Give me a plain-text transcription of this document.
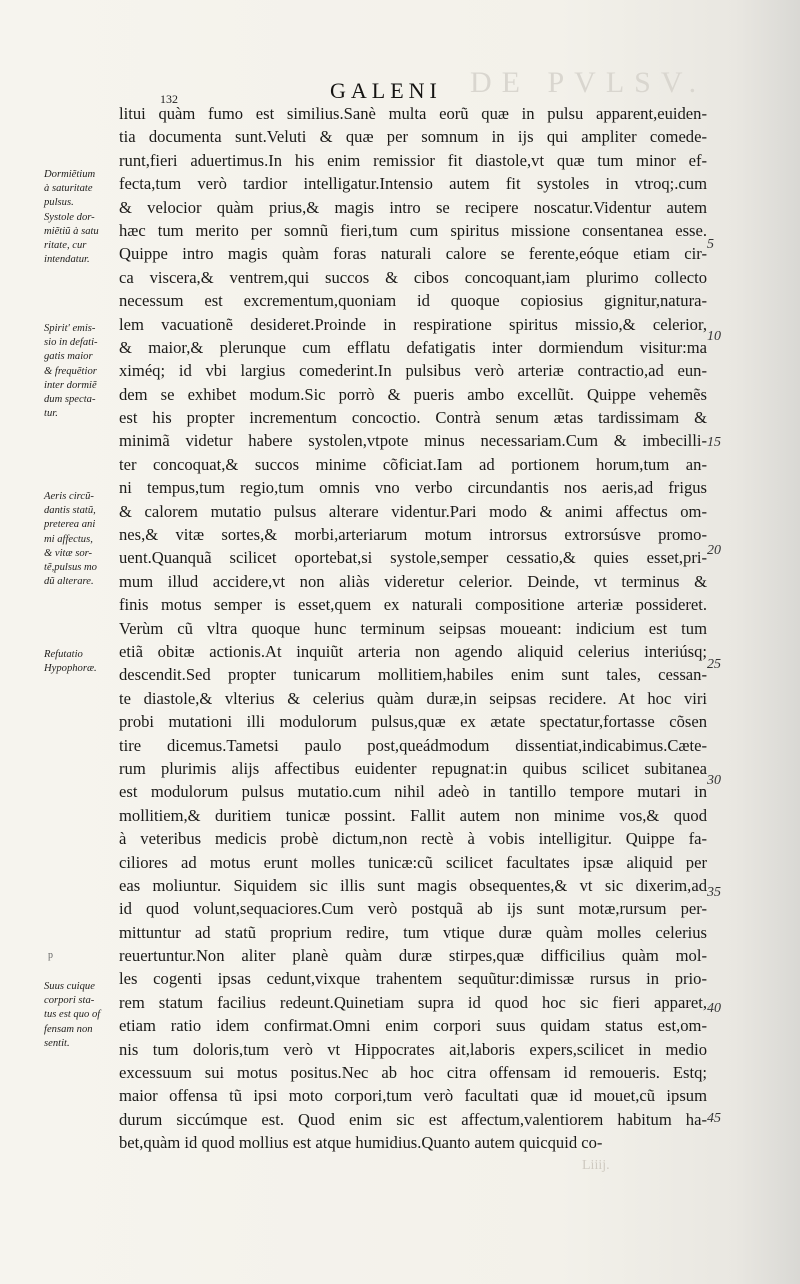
DE PVLSV.
132	GALENI
litui quàm fumo est similius.Sanè multa eorũ quæ in pulsu apparent,euiden-
tia documenta sunt.Veluti & quæ per somnum in ijs qui ampliter comede-
runt,fieri aduertimus.In his enim remissior fit diastole,vt quæ tum minor ef-
fecta,tum verò tardior intelligatur.Intensio autem fit systoles in vtroq;.cum
& velocior quàm prius,& magis intro se recipere noscatur.Videntur autem
hæc tum merito per somnũ fieri,tum cum spiritus missione consentanea esse.
Quippe intro magis quàm foras naturali calore se ferente,eóque etiam cir-
ca viscera,& ventrem,qui succos & cibos concoquant,iam plurimo collecto
necessum est excrementum,quoniam id quoque copiosius gignitur,natura-
lem vacuationẽ desideret.Proinde in respiratione spiritus missio,& celerior,
& maior,& plerunque cum efflatu defatigatis inter dormiendum visitur:ma
ximéq; id vbi largius comederint.In pulsibus verò arteriæ contractio,ad eun-
dem se exhibet modum.Sic porrò & pueris ambo excellũt. Quippe vehemẽs
est his propter incrementum concoctio. Contrà senum ætas tardissimam &
minimã videtur habere systolen,vtpote minus necessariam.Cum & imbecilli-
ter concoquat,& succos minime cõficiat.Iam ad portionem horum,tum an-
ni tempus,tum regio,tum omnis vno verbo circundantis nos aeris,ad frigus
& calorem mutatio pulsus alterare videntur.Pari modo & animi affectus om-
nes,& vitæ sortes,& morbi,arteriarum motum introrsus extrorsúsve promo-
uent.Quanquã scilicet oportebat,si systole,semper cessatio,& quies esset,pri-
mum illud accidere,vt non aliàs videretur celerior. Deinde, vt terminus &
finis motus semper is esset,quem ex naturali compositione arteriæ possideret.
Verùm cũ vltra quoque hunc terminum seipsas moueant: indicium est tum
etiã obitæ actionis.At inquiũt arteria non agendo aliquid celerius interiúsq;
descendit.Sed propter tunicarum mollitiem,habiles enim sunt tales, cessan-
te diastole,& vlterius & celerius quàm duræ,in seipsas recidere. At hoc viri
probi mutationi illi modulorum pulsus,quæ ex ætate spectatur,fortasse cõsen
tire dicemus.Tametsi paulo post,queádmodum dissentiat,indicabimus.Cæte-
rum plurimis alijs affectibus euidenter repugnat:in quibus scilicet subitanea
est modulorum pulsus mutatio.cum nihil adeò in tantillo tempore mutari in
mollitiem,& duritiem tunicæ possint. Fallit autem non minime vos,& quod
à veteribus medicis probè dictum,non rectè à vobis intelligitur. Quippe fa-
ciliores ad motus erunt molles tunicæ:cũ scilicet facultates ipsæ aliquid per
eas moliuntur. Siquidem sic illis sunt magis obsequentes,& vt sic dixerim,ad
id quod volunt,sequaciores.Cum verò postquã ab ijs sunt motæ,rursum per-
mittuntur ad statũ proprium redire, tum vtique duræ quàm molles celerius
reuertuntur.Non aliter planè quàm duræ stirpes,quæ difficilius quàm mol-
les cogenti ipsas cedunt,vixque trahentem sequũtur:dimissæ rursus in prio-
rem statum facilius redeunt.Quinetiam supra id quod hoc sic fieri apparet,
etiam ratio idem confirmat.Omni enim corpori suus quidam status est,om-
nis tum doloris,tum verò vt Hippocrates ait,laboris expers,scilicet in medio
excessuum sui motus positus.Nec ab hoc citra offensam id remoueris. Estq;
maior offensa tũ ipsi moto corpori,tum verò facultati quæ id mouet,cũ ipsum
durum siccúmque est. Quod enim sic est affectum,valentiorem habitum ha-
bet,quàm id quod mollius est atque humidius.Quanto autem quicquid co-
Dormiẽtium
à saturitate
pulsus.
Systole dor-
miẽtiũ à satu
ritate, cur
intendatur.
Spirit' emis-
sio in defati-
gatis maior
& frequẽtior
inter dormiẽ
dum specta-
tur.
Aeris circũ-
dantis statũ,
preterea ani
mi affectus,
& vitæ sor-
tẽ,pulsus mo
dũ alterare.
Refutatio
Hypophoræ.
Suus cuique
corpori sta-
tus est quo of
fensam non
sentit.
5
10
15
20
25
30
35
40
45
p
Liiij.
